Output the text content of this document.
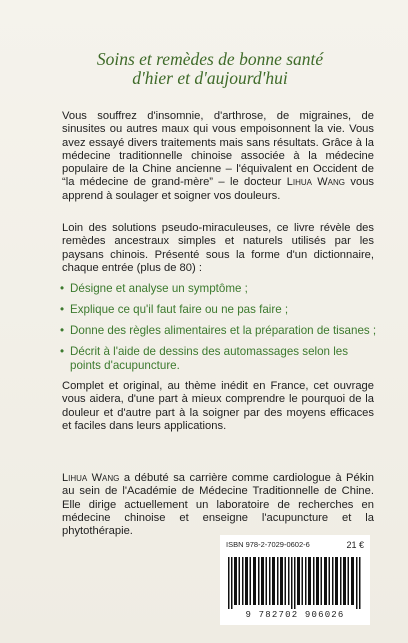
Soins et remèdes de bonne santé
d'hier et d'aujourd'hui
Vous souffrez d'insomnie, d'arthrose, de migraines, de sinusites ou autres maux qui vous empoisonnent la vie. Vous avez essayé divers traitements mais sans résultats. Grâce à la médecine traditionnelle chinoise associée à la médecine populaire de la Chine ancienne – l'équivalent en Occident de “la médecine de grand-mère” – le docteur Lihua Wang vous apprend à soulager et soigner vos douleurs.
Loin des solutions pseudo-miraculeuses, ce livre révèle des remèdes ancestraux simples et naturels utilisés par les paysans chinois. Présenté sous la forme d'un dictionnaire, chaque entrée (plus de 80) :
• Désigne et analyse un symptôme ;
• Explique ce qu'il faut faire ou ne pas faire ;
• Donne des règles alimentaires et la préparation de tisanes ;
• Décrit à l'aide de dessins des automassages selon les points d'acupuncture.
Complet et original, au thème inédit en France, cet ouvrage vous aidera, d'une part à mieux comprendre le pourquoi de la douleur et d'autre part à la soigner par des moyens efficaces et faciles dans leurs applications.
Lihua Wang a débuté sa carrière comme cardiologue à Pékin au sein de l'Académie de Médecine Traditionnelle de Chine. Elle dirige actuellement un laboratoire de recherches en médecine chinoise et enseigne l'acupuncture et la phytothérapie.
ISBN 978-2-7029-0602-6	21 €
9 782702 906026
